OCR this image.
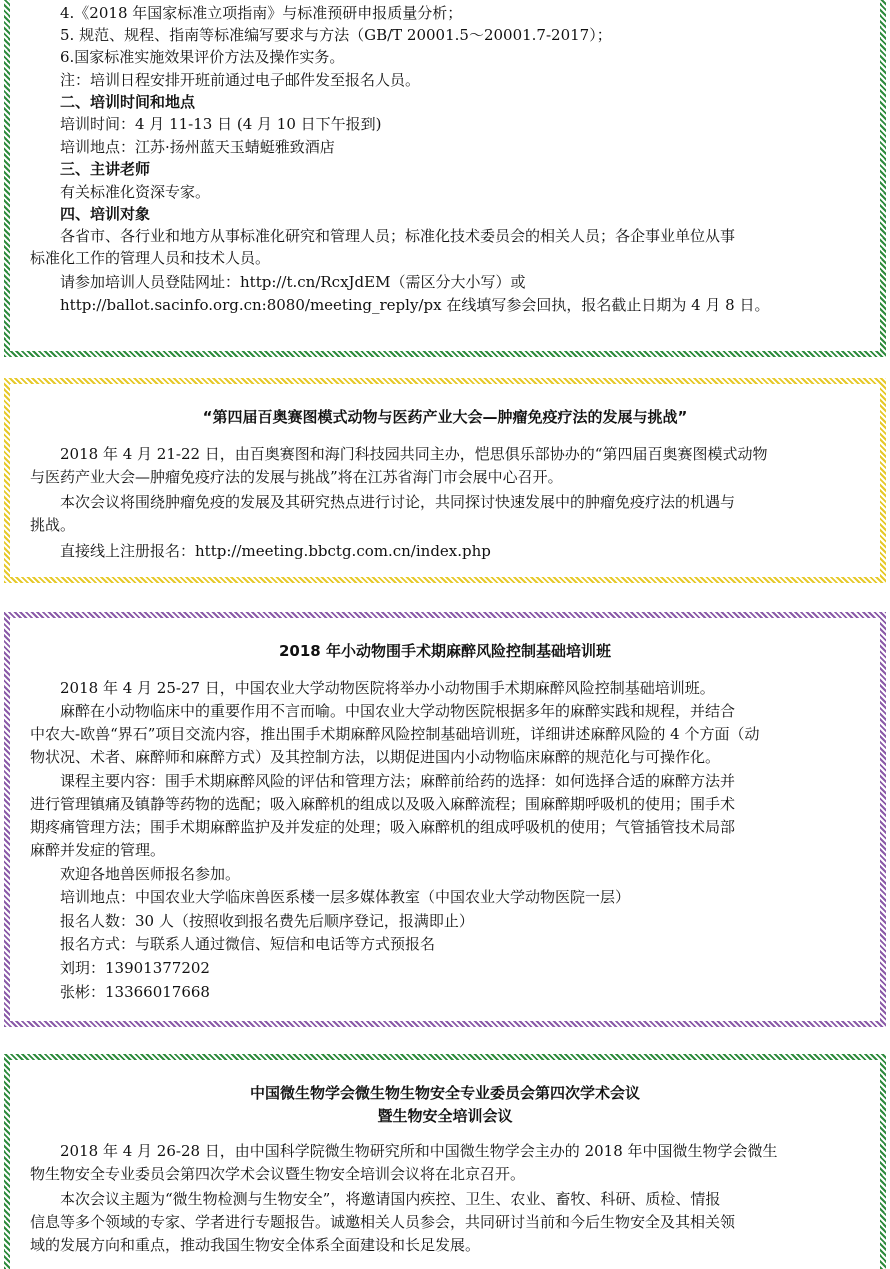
4.《2018 年国家标准立项指南》与标准预研申报质量分析；
5. 规范、规程、指南等标准编写要求与方法（GB/T 20001.5～20001.7-2017）；
6.国家标准实施效果评价方法及操作实务。
注：培训日程安排开班前通过电子邮件发至报名人员。
二、培训时间和地点
培训时间：4 月 11-13 日 (4 月 10 日下午报到)
培训地点：江苏·扬州蓝天玉蜻蜓雅致酒店
三、主讲老师
有关标准化资深专家。
四、培训对象
各省市、各行业和地方从事标准化研究和管理人员；标准化技术委员会的相关人员；各企事业单位从事
标准化工作的管理人员和技术人员。
请参加培训人员登陆网址：http://t.cn/RcxJdEM（需区分大小写）或
http://ballot.sacinfo.org.cn:8080/meeting_reply/px 在线填写参会回执，报名截止日期为 4 月 8 日。
“第四届百奥赛图模式动物与医药产业大会—肿瘤免疫疗法的发展与挑战”
2018 年 4 月 21-22 日，由百奥赛图和海门科技园共同主办，恺思俱乐部协办的“第四届百奥赛图模式动物
与医药产业大会—肿瘤免疫疗法的发展与挑战”将在江苏省海门市会展中心召开。
本次会议将围绕肿瘤免疫的发展及其研究热点进行讨论，共同探讨快速发展中的肿瘤免疫疗法的机遇与
挑战。
直接线上注册报名：http://meeting.bbctg.com.cn/index.php
2018 年小动物围手术期麻醉风险控制基础培训班
2018 年 4 月 25-27 日，中国农业大学动物医院将举办小动物围手术期麻醉风险控制基础培训班。
麻醉在小动物临床中的重要作用不言而喻。中国农业大学动物医院根据多年的麻醉实践和规程，并结合
中农大-欧兽“界石”项目交流内容，推出围手术期麻醉风险控制基础培训班，详细讲述麻醉风险的 4 个方面（动
物状况、术者、麻醉师和麻醉方式）及其控制方法，以期促进国内小动物临床麻醉的规范化与可操作化。
课程主要内容：围手术期麻醉风险的评估和管理方法；麻醉前给药的选择：如何选择合适的麻醉方法并
进行管理镇痛及镇静等药物的选配；吸入麻醉机的组成以及吸入麻醉流程；围麻醉期呼吸机的使用；围手术
期疼痛管理方法；围手术期麻醉监护及并发症的处理；吸入麻醉机的组成呼吸机的使用；气管插管技术局部
麻醉并发症的管理。
欢迎各地兽医师报名参加。
培训地点：中国农业大学临床兽医系楼一层多媒体教室（中国农业大学动物医院一层）
报名人数：30 人（按照收到报名费先后顺序登记，报满即止）
报名方式：与联系人通过微信、短信和电话等方式预报名
刘玥：13901377202
张彬：13366017668
中国微生物学会微生物生物安全专业委员会第四次学术会议
暨生物安全培训会议
2018 年 4 月 26-28 日，由中国科学院微生物研究所和中国微生物学会主办的 2018 年中国微生物学会微生
物生物安全专业委员会第四次学术会议暨生物安全培训会议将在北京召开。
本次会议主题为“微生物检测与生物安全”，将邀请国内疾控、卫生、农业、畜牧、科研、质检、情报
信息等多个领域的专家、学者进行专题报告。诚邀相关人员参会，共同研讨当前和今后生物安全及其相关领
域的发展方向和重点，推动我国生物安全体系全面建设和长足发展。
